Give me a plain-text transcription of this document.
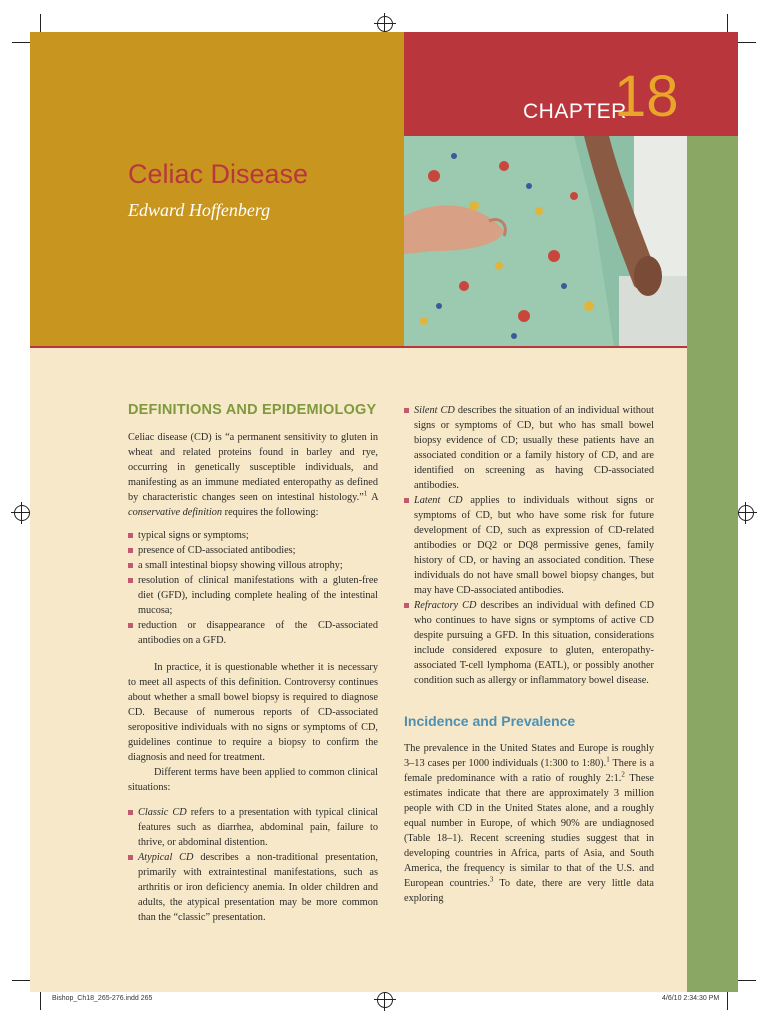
CHAPTER
18
Celiac Disease
Edward Hoffenberg
DEFINITIONS AND EPIDEMIOLOGY

Celiac disease (CD) is “a permanent sensitivity to gluten in wheat and related proteins found in barley and rye, occurring in genetically susceptible individuals, and manifesting as an immune mediated enteropathy as defined by characteristic changes seen on intestinal histology.”$^1$ A conservative definition requires the following:

typical signs or symptoms;
presence of CD-associated antibodies;
a small intestinal biopsy showing villous atrophy;
resolution of clinical manifestations with a gluten-free diet (GFD), including complete healing of the intestinal mucosa;
reduction or disappearance of the CD-associated antibodies on a GFD.

In practice, it is questionable whether it is necessary to meet all aspects of this definition. Controversy continues about whether a small bowel biopsy is required to diagnose CD. Because of numerous reports of CD-associated seropositive individuals with no signs or symptoms of CD, guidelines continue to require a biopsy to confirm the diagnosis and need for treatment.

Different terms have been applied to common clinical situations:

Classic CD refers to a presentation with typical clinical features such as diarrhea, abdominal pain, failure to thrive, or abdominal distention.
Atypical CD describes a non-traditional presentation, primarily with extraintestinal manifestations, such as arthritis or iron deficiency anemia. In older children and adults, the atypical presentation may be more common than the “classic” presentation.
Silent CD describes the situation of an individual without signs or symptoms of CD, but who has small bowel biopsy evidence of CD; usually these patients have an associated condition or a family history of CD, and are identified on screening as having CD-associated antibodies.
Latent CD applies to individuals without signs or symptoms of CD, but who have some risk for future development of CD, such as expression of CD-related antibodies or DQ2 or DQ8 permissive genes, family history of CD, or having an associated condition. These individuals do not have small bowel biopsy changes, but may have CD-associated antibodies.
Refractory CD describes an individual with defined CD who continues to have signs or symptoms of active CD despite pursuing a GFD. In this situation, considerations include considered exposure to gluten, enteropathy-associated T-cell lymphoma (EATL), or possibly another condition such as allergy or inflammatory bowel disease.
Incidence and Prevalence

The prevalence in the United States and Europe is roughly 3–13 cases per 1000 individuals (1:300 to 1:80).$^1$ There is a female predominance with a ratio of roughly 2:1.$^2$ These estimates indicate that there are approximately 3 million people with CD in the United States alone, and a roughly equal number in Europe, of which 90% are undiagnosed (Table 18–1). Recent screening studies suggest that in developing countries in Africa, parts of Asia, and South America, the frequency is similar to that of the U.S. and European countries.$^3$ To date, there are very little data exploring

Bishop_Ch18_265-276.indd 265	4/6/10 2:34:30 PM
